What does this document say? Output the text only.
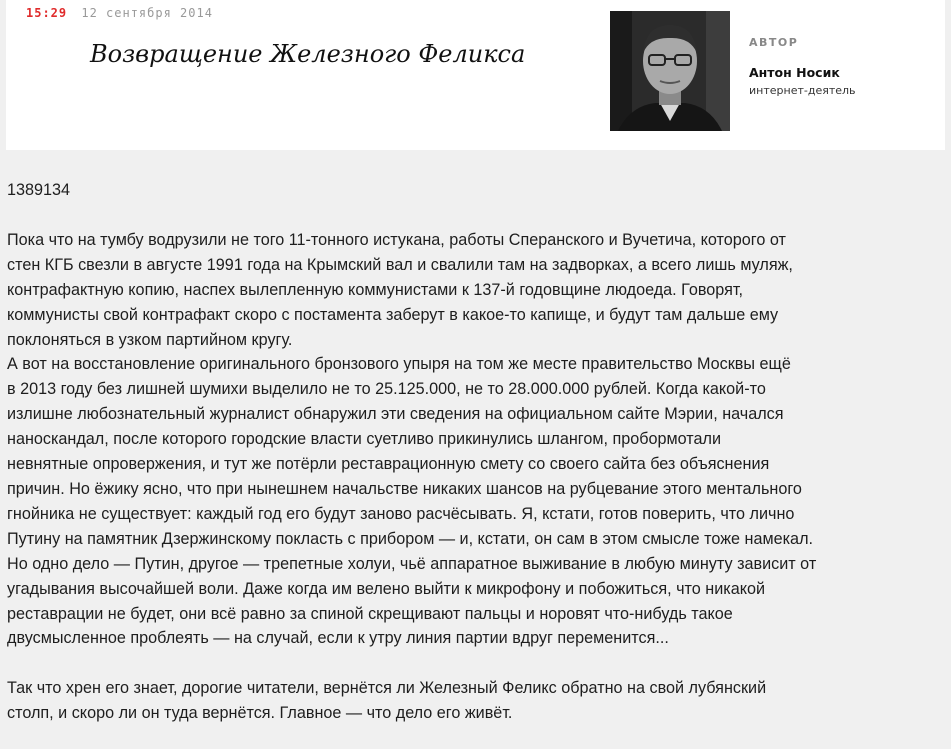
15:29 12 сентября 2014
Возвращение Железного Феликса	АВТОР
Антон Носик
интернет-деятель

1389134

Пока что на тумбу водрузили не того 11-тонного истукана, работы Сперанского и Вучетича, которого от
стен КГБ свезли в августе 1991 года на Крымский вал и свалили там на задворках, а всего лишь муляж,
контрафактную копию, наспех вылепленную коммунистами к 137-й годовщине людоеда. Говорят,
коммунисты свой контрафакт скоро с постамента заберут в какое-то капище, и будут там дальше ему
поклоняться в узком партийном кругу.
А вот на восстановление оригинального бронзового упыря на том же месте правительство Москвы ещё
в 2013 году без лишней шумихи выделило не то 25.125.000, не то 28.000.000 рублей. Когда какой-то
излишне любознательный журналист обнаружил эти сведения на официальном сайте Мэрии, начался
наноскандал, после которого городские власти суетливо прикинулись шлангом, пробормотали
невнятные опровержения, и тут же потёрли реставрационную смету со своего сайта без объяснения
причин. Но ёжику ясно, что при нынешнем начальстве никаких шансов на рубцевание этого ментального
гнойника не существует: каждый год его будут заново расчёсывать. Я, кстати, готов поверить, что лично
Путину на памятник Дзержинскому покласть с прибором — и, кстати, он сам в этом смысле тоже намекал.
Но одно дело — Путин, другое — трепетные холуи, чьё аппаратное выживание в любую минуту зависит от
угадывания высочайшей воли. Даже когда им велено выйти к микрофону и побожиться, что никакой
реставрации не будет, они всё равно за спиной скрещивают пальцы и норовят что-нибудь такое
двусмысленное проблеять — на случай, если к утру линия партии вдруг переменится...
Так что хрен его знает, дорогие читатели, вернётся ли Железный Феликс обратно на свой лубянский
столп, и скоро ли он туда вернётся. Главное — что дело его живёт.
